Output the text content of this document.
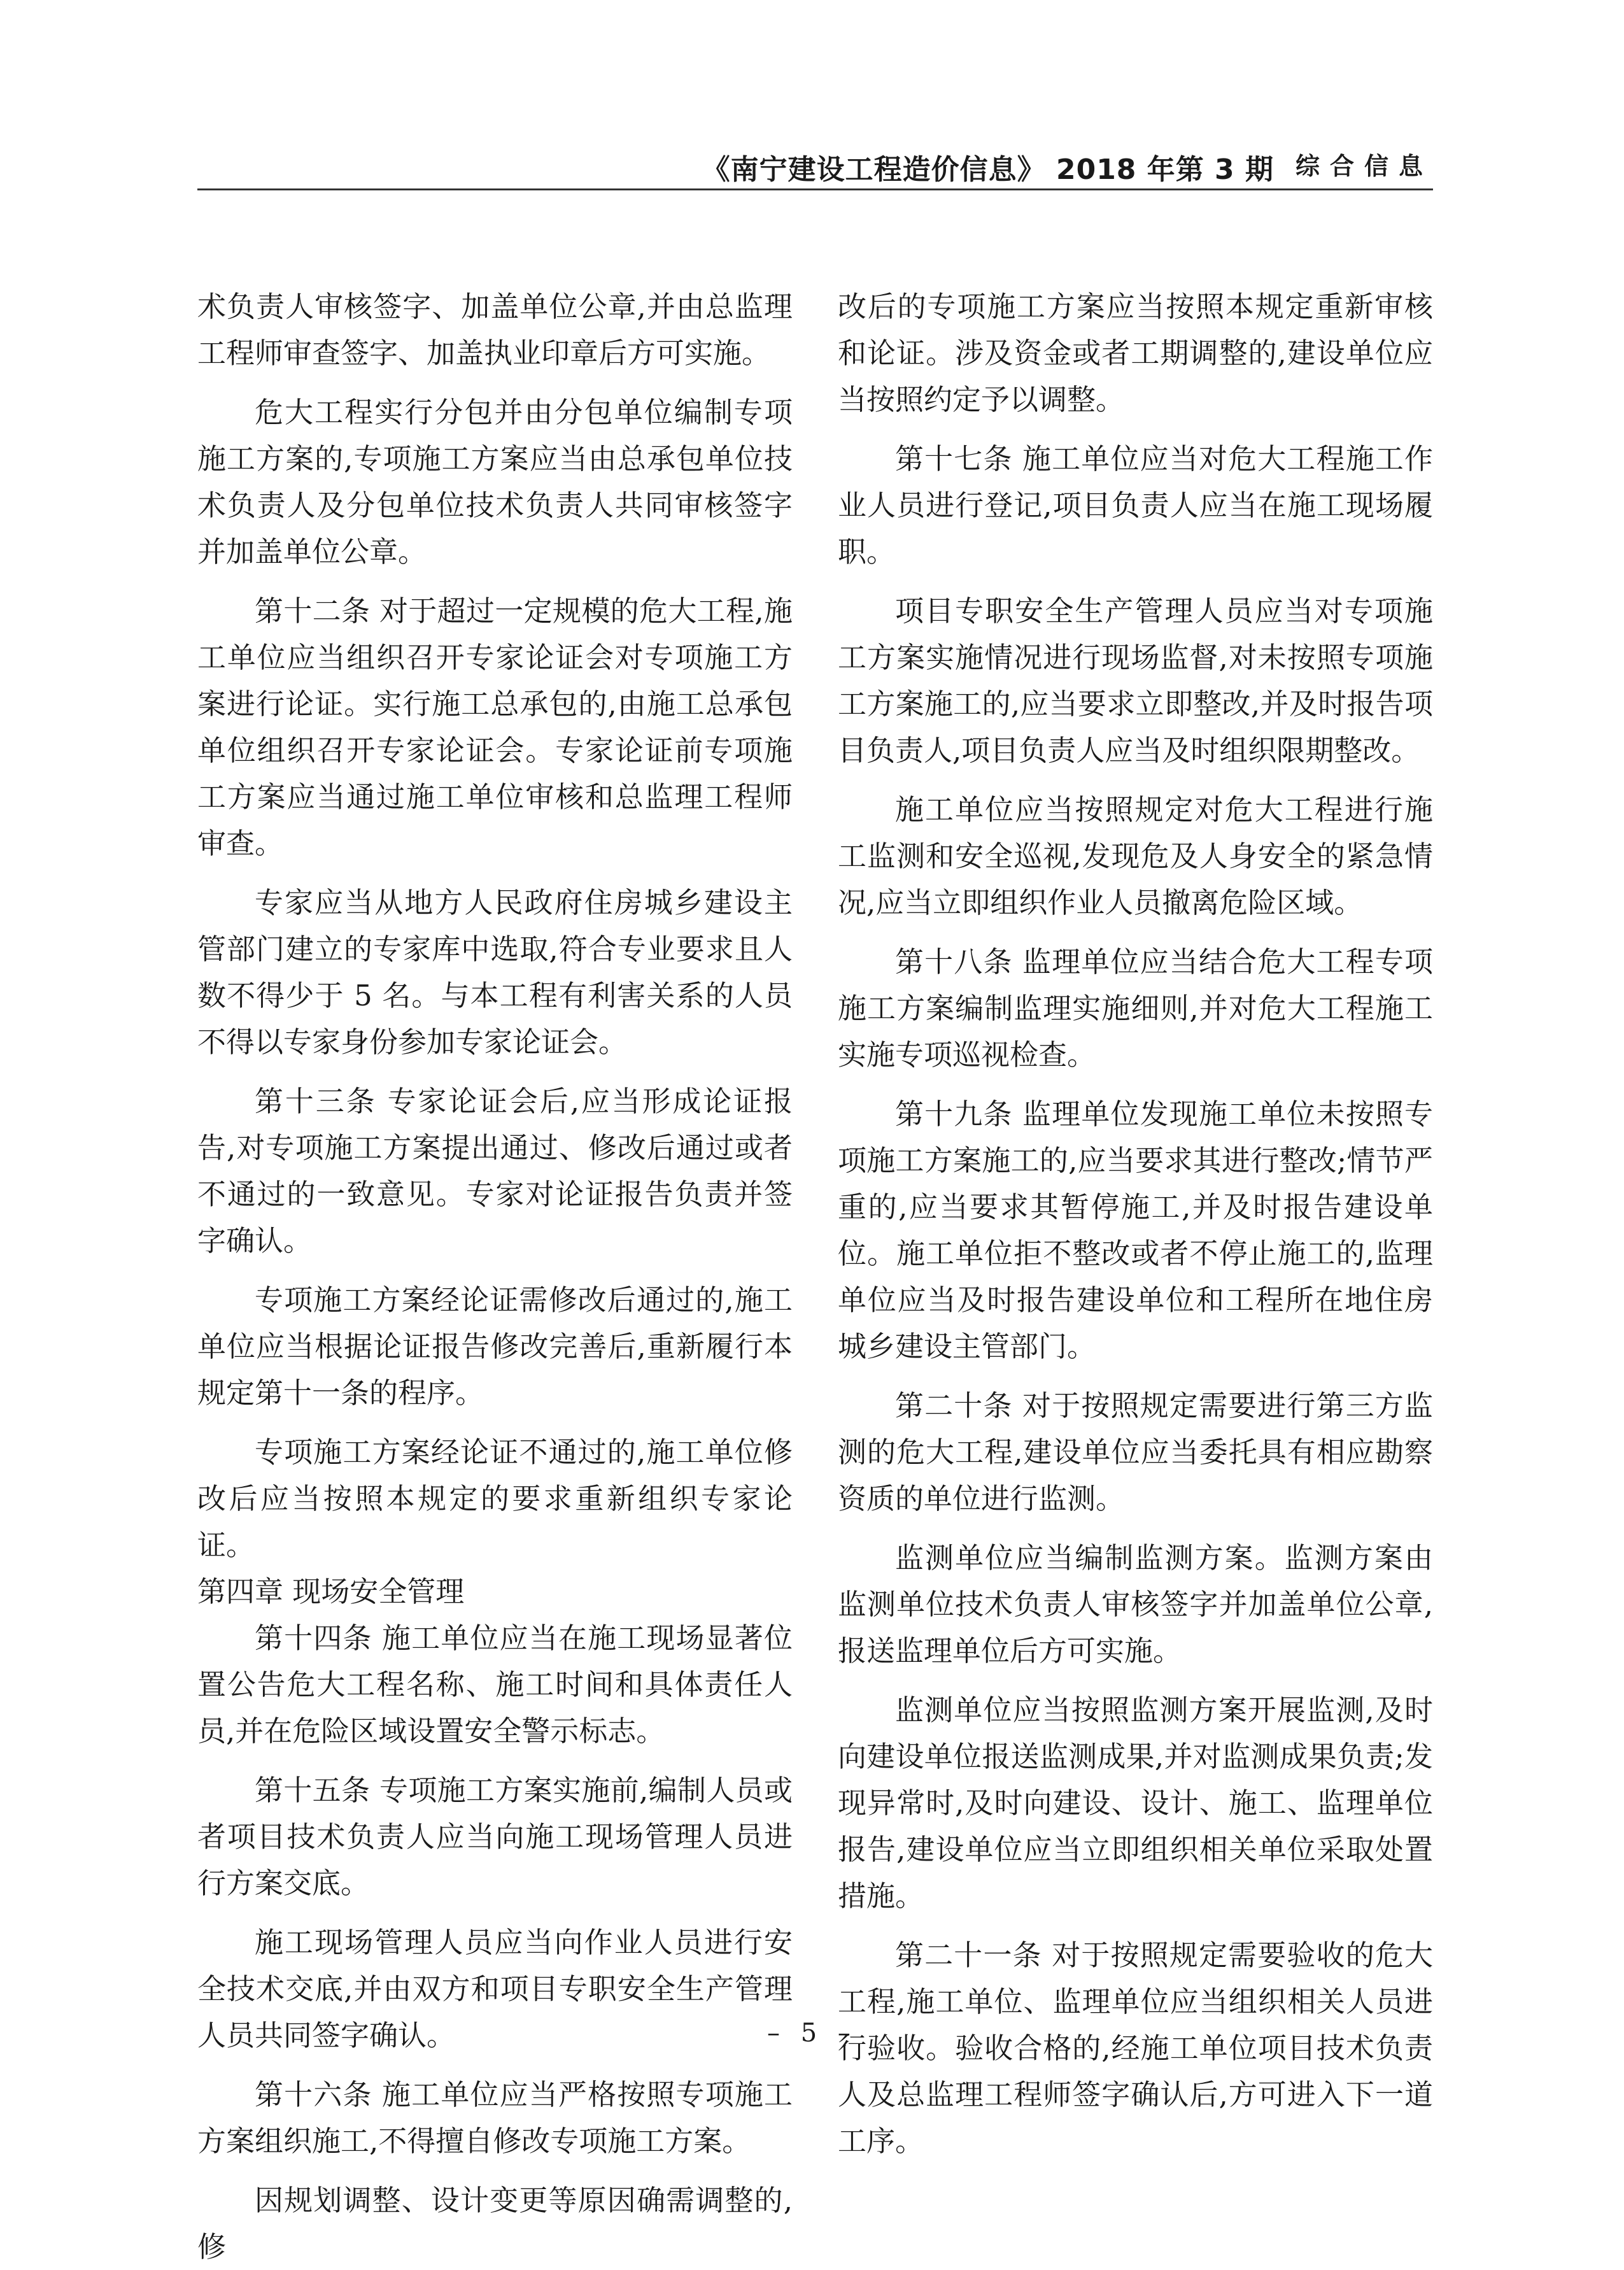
《南宁建设工程造价信息》 2018 年第 3 期 综合信息

术负责人审核签字、加盖单位公章,并由总监理工程师审查签字、加盖执业印章后方可实施。

危大工程实行分包并由分包单位编制专项施工方案的,专项施工方案应当由总承包单位技术负责人及分包单位技术负责人共同审核签字并加盖单位公章。

第十二条 对于超过一定规模的危大工程,施工单位应当组织召开专家论证会对专项施工方案进行论证。实行施工总承包的,由施工总承包单位组织召开专家论证会。专家论证前专项施工方案应当通过施工单位审核和总监理工程师审查。

专家应当从地方人民政府住房城乡建设主管部门建立的专家库中选取,符合专业要求且人数不得少于 5 名。与本工程有利害关系的人员不得以专家身份参加专家论证会。

第十三条 专家论证会后,应当形成论证报告,对专项施工方案提出通过、修改后通过或者不通过的一致意见。专家对论证报告负责并签字确认。

专项施工方案经论证需修改后通过的,施工单位应当根据论证报告修改完善后,重新履行本规定第十一条的程序。

专项施工方案经论证不通过的,施工单位修改后应当按照本规定的要求重新组织专家论证。

第四章 现场安全管理

第十四条 施工单位应当在施工现场显著位置公告危大工程名称、施工时间和具体责任人员,并在危险区域设置安全警示标志。

第十五条 专项施工方案实施前,编制人员或者项目技术负责人应当向施工现场管理人员进行方案交底。

施工现场管理人员应当向作业人员进行安全技术交底,并由双方和项目专职安全生产管理人员共同签字确认。

第十六条 施工单位应当严格按照专项施工方案组织施工,不得擅自修改专项施工方案。

因规划调整、设计变更等原因确需调整的,修

改后的专项施工方案应当按照本规定重新审核和论证。涉及资金或者工期调整的,建设单位应当按照约定予以调整。

第十七条 施工单位应当对危大工程施工作业人员进行登记,项目负责人应当在施工现场履职。

项目专职安全生产管理人员应当对专项施工方案实施情况进行现场监督,对未按照专项施工方案施工的,应当要求立即整改,并及时报告项目负责人,项目负责人应当及时组织限期整改。

施工单位应当按照规定对危大工程进行施工监测和安全巡视,发现危及人身安全的紧急情况,应当立即组织作业人员撤离危险区域。

第十八条 监理单位应当结合危大工程专项施工方案编制监理实施细则,并对危大工程施工实施专项巡视检查。

第十九条 监理单位发现施工单位未按照专项施工方案施工的,应当要求其进行整改;情节严重的,应当要求其暂停施工,并及时报告建设单位。施工单位拒不整改或者不停止施工的,监理单位应当及时报告建设单位和工程所在地住房城乡建设主管部门。

第二十条 对于按照规定需要进行第三方监测的危大工程,建设单位应当委托具有相应勘察资质的单位进行监测。

监测单位应当编制监测方案。监测方案由监测单位技术负责人审核签字并加盖单位公章,报送监理单位后方可实施。

监测单位应当按照监测方案开展监测,及时向建设单位报送监测成果,并对监测成果负责;发现异常时,及时向建设、设计、施工、监理单位报告,建设单位应当立即组织相关单位采取处置措施。

第二十一条 对于按照规定需要验收的危大工程,施工单位、监理单位应当组织相关人员进行验收。验收合格的,经施工单位项目技术负责人及总监理工程师签字确认后,方可进入下一道工序。

– 5 –
